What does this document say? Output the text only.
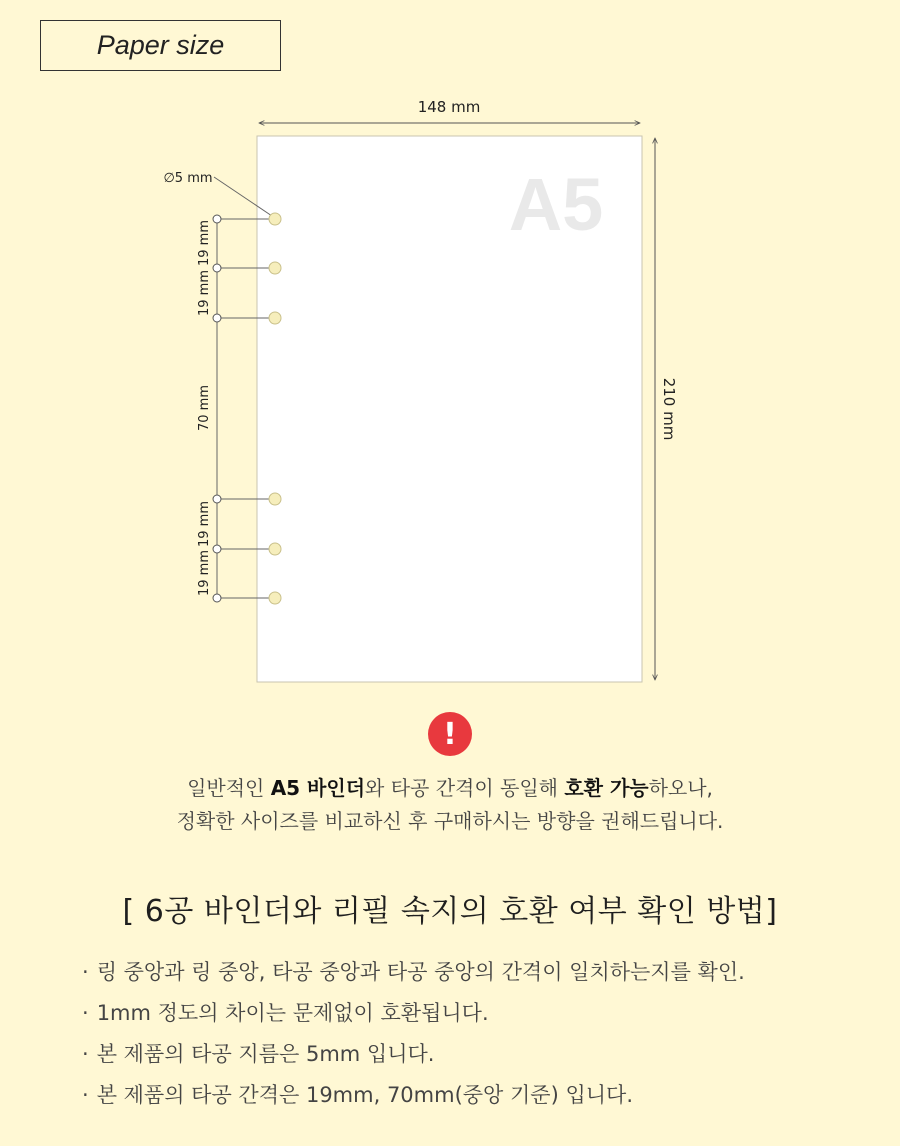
Paper size
A5
148 mm
210 mm
∅5 mm
19 mm
19 mm
70 mm
19 mm
19 mm
!
일반적인 A5 바인더와 타공 간격이 동일해 호환 가능하오나,
정확한 사이즈를 비교하신 후 구매하시는 방향을 권해드립니다.
[ 6공 바인더와 리필 속지의 호환 여부 확인 방법]
· 링 중앙과 링 중앙, 타공 중앙과 타공 중앙의 간격이 일치하는지를 확인.
· 1mm 정도의 차이는 문제없이 호환됩니다.
· 본 제품의 타공 지름은 5mm 입니다.
· 본 제품의 타공 간격은 19mm, 70mm(중앙 기준) 입니다.
